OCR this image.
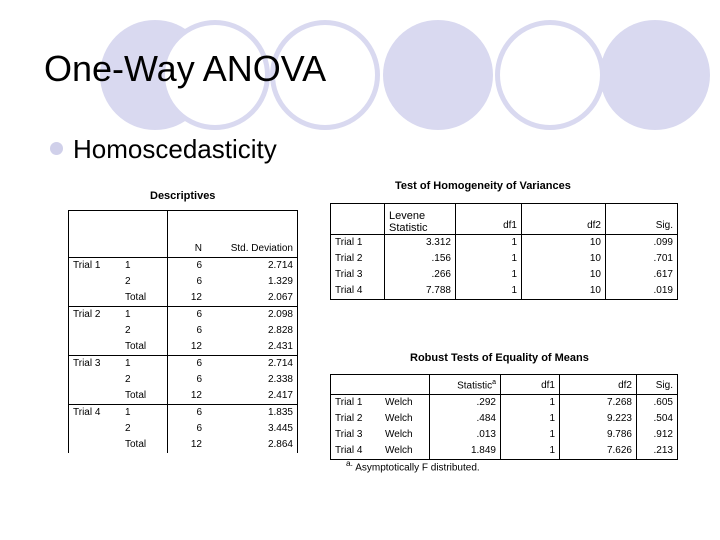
One-Way ANOVA
Homoscedasticity
Descriptives
		N	Std. Deviation
Trial 1	1	6	2.714
	2	6	1.329
	Total	12	2.067
Trial 2	1	6	2.098
	2	6	2.828
	Total	12	2.431
Trial 3	1	6	2.714
	2	6	2.338
	Total	12	2.417
Trial 4	1	6	1.835
	2	6	3.445
	Total	12	2.864
Test of Homogeneity of Variances
	Levene Statistic	df1	df2	Sig.
Trial 1	3.312	1	10	.099
Trial 2	.156	1	10	.701
Trial 3	.266	1	10	.617
Trial 4	7.788	1	10	.019
Robust Tests of Equality of Means
		Statistic$^a$	df1	df2	Sig.
Trial 1	Welch	.292	1	7.268	.605
Trial 2	Welch	.484	1	9.223	.504
Trial 3	Welch	.013	1	9.786	.912
Trial 4	Welch	1.849	1	7.626	.213
$^{a.}$ Asymptotically F distributed.
